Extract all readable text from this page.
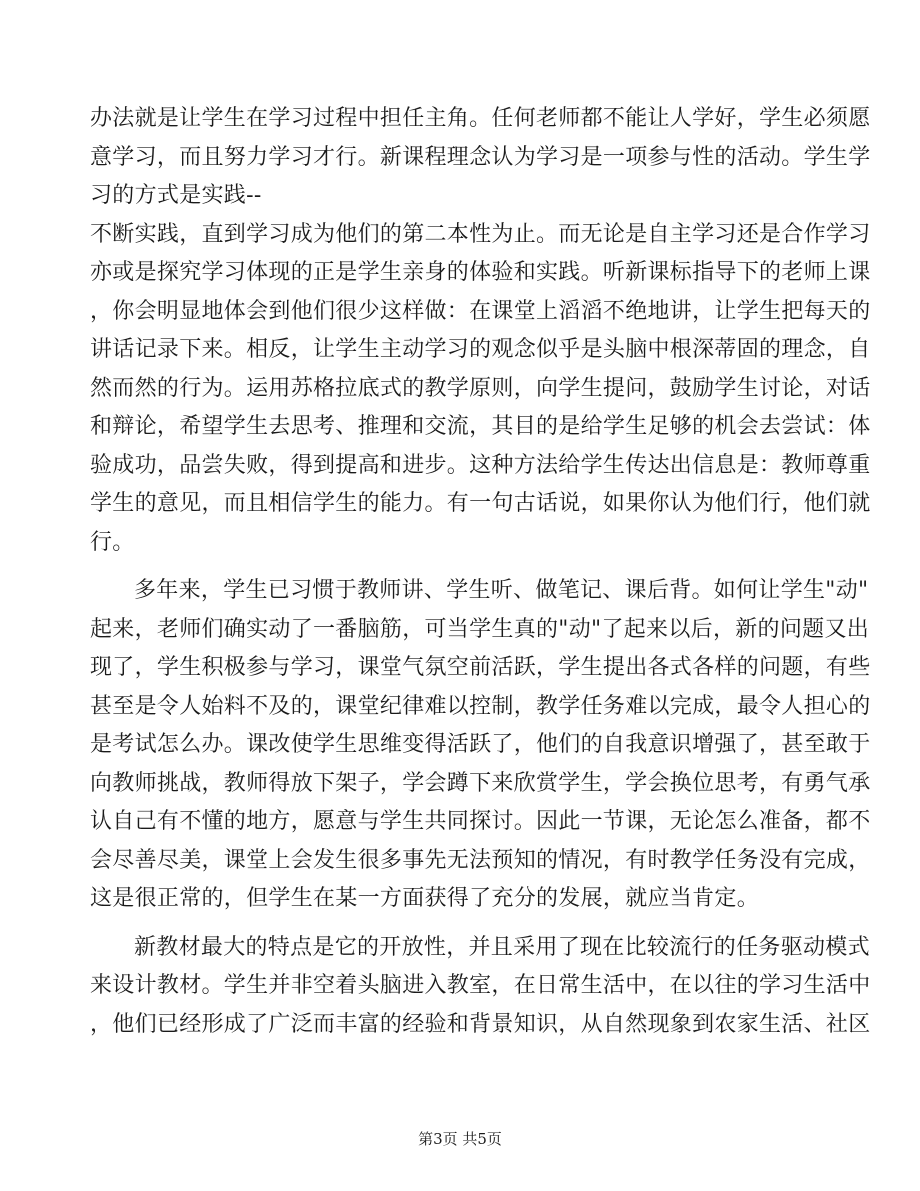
办法就是让学生在学习过程中担任主角。任何老师都不能让人学好，学生必须愿
意学习，而且努力学习才行。新课程理念认为学习是一项参与性的活动。学生学
习的方式是实践--
不断实践，直到学习成为他们的第二本性为止。而无论是自主学习还是合作学习
亦或是探究学习体现的正是学生亲身的体验和实践。听新课标指导下的老师上课
，你会明显地体会到他们很少这样做：在课堂上滔滔不绝地讲，让学生把每天的
讲话记录下来。相反，让学生主动学习的观念似乎是头脑中根深蒂固的理念，自
然而然的行为。运用苏格拉底式的教学原则，向学生提问，鼓励学生讨论，对话
和辩论，希望学生去思考、推理和交流，其目的是给学生足够的机会去尝试：体
验成功，品尝失败，得到提高和进步。这种方法给学生传达出信息是：教师尊重
学生的意见，而且相信学生的能力。有一句古话说，如果你认为他们行，他们就
行。
多年来，学生已习惯于教师讲、学生听、做笔记、课后背。如何让学生"动"
起来，老师们确实动了一番脑筋，可当学生真的"动"了起来以后，新的问题又出
现了，学生积极参与学习，课堂气氛空前活跃，学生提出各式各样的问题，有些
甚至是令人始料不及的，课堂纪律难以控制，教学任务难以完成，最令人担心的
是考试怎么办。课改使学生思维变得活跃了，他们的自我意识增强了，甚至敢于
向教师挑战，教师得放下架子，学会蹲下来欣赏学生，学会换位思考，有勇气承
认自己有不懂的地方，愿意与学生共同探讨。因此一节课，无论怎么准备，都不
会尽善尽美，课堂上会发生很多事先无法预知的情况，有时教学任务没有完成，
这是很正常的，但学生在某一方面获得了充分的发展，就应当肯定。
新教材最大的特点是它的开放性，并且采用了现在比较流行的任务驱动模式
来设计教材。学生并非空着头脑进入教室，在日常生活中，在以往的学习生活中
，他们已经形成了广泛而丰富的经验和背景知识，从自然现象到农家生活、社区
第3页 共5页
